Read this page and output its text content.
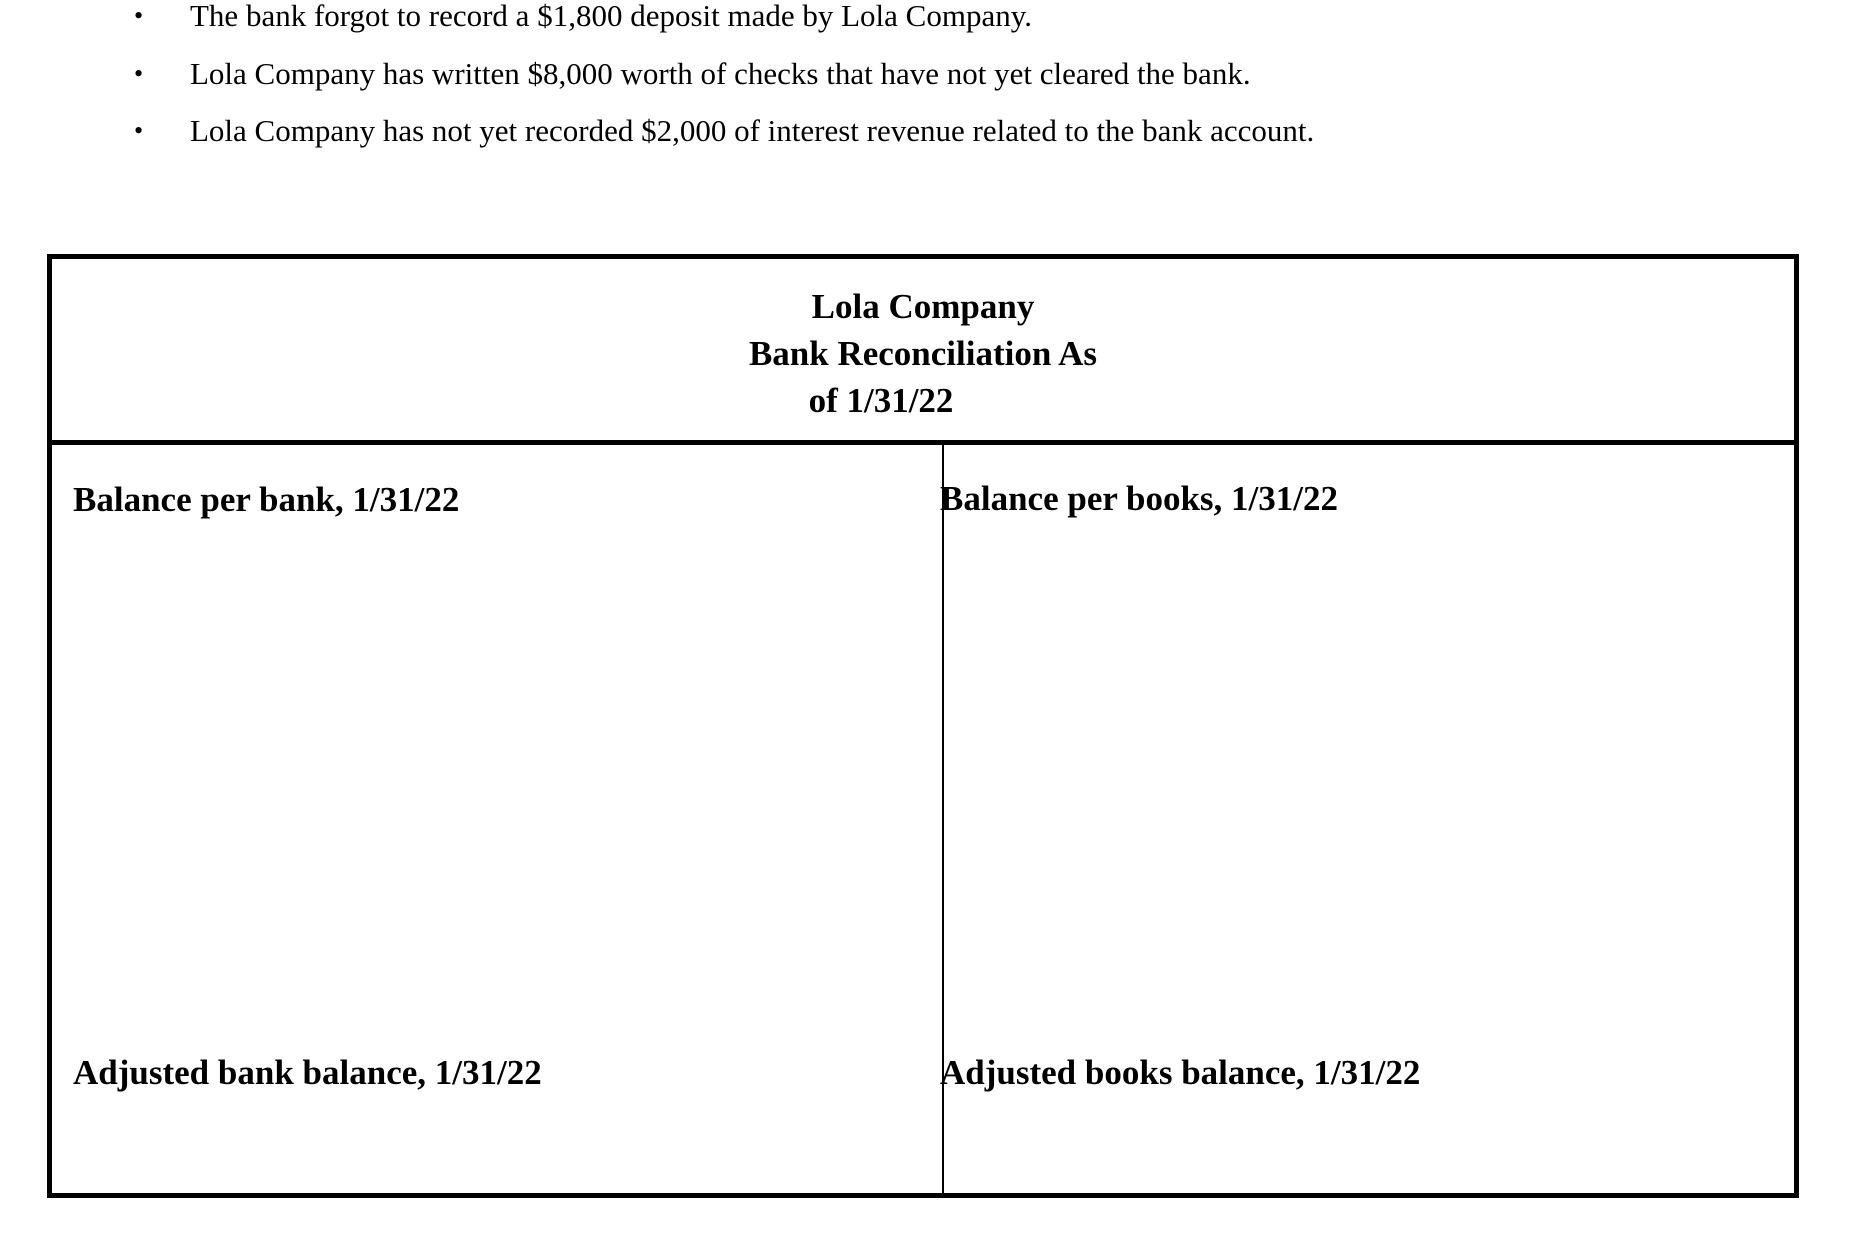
• The bank forgot to record a $1,800 deposit made by Lola Company.
• Lola Company has written $8,000 worth of checks that have not yet cleared the bank.
• Lola Company has not yet recorded $2,000 of interest revenue related to the bank account.
Lola Company
Bank Reconciliation As
of 1/31/22
Balance per bank, 1/31/22	Balance per books, 1/31/22
Adjusted bank balance, 1/31/22	Adjusted books balance, 1/31/22
